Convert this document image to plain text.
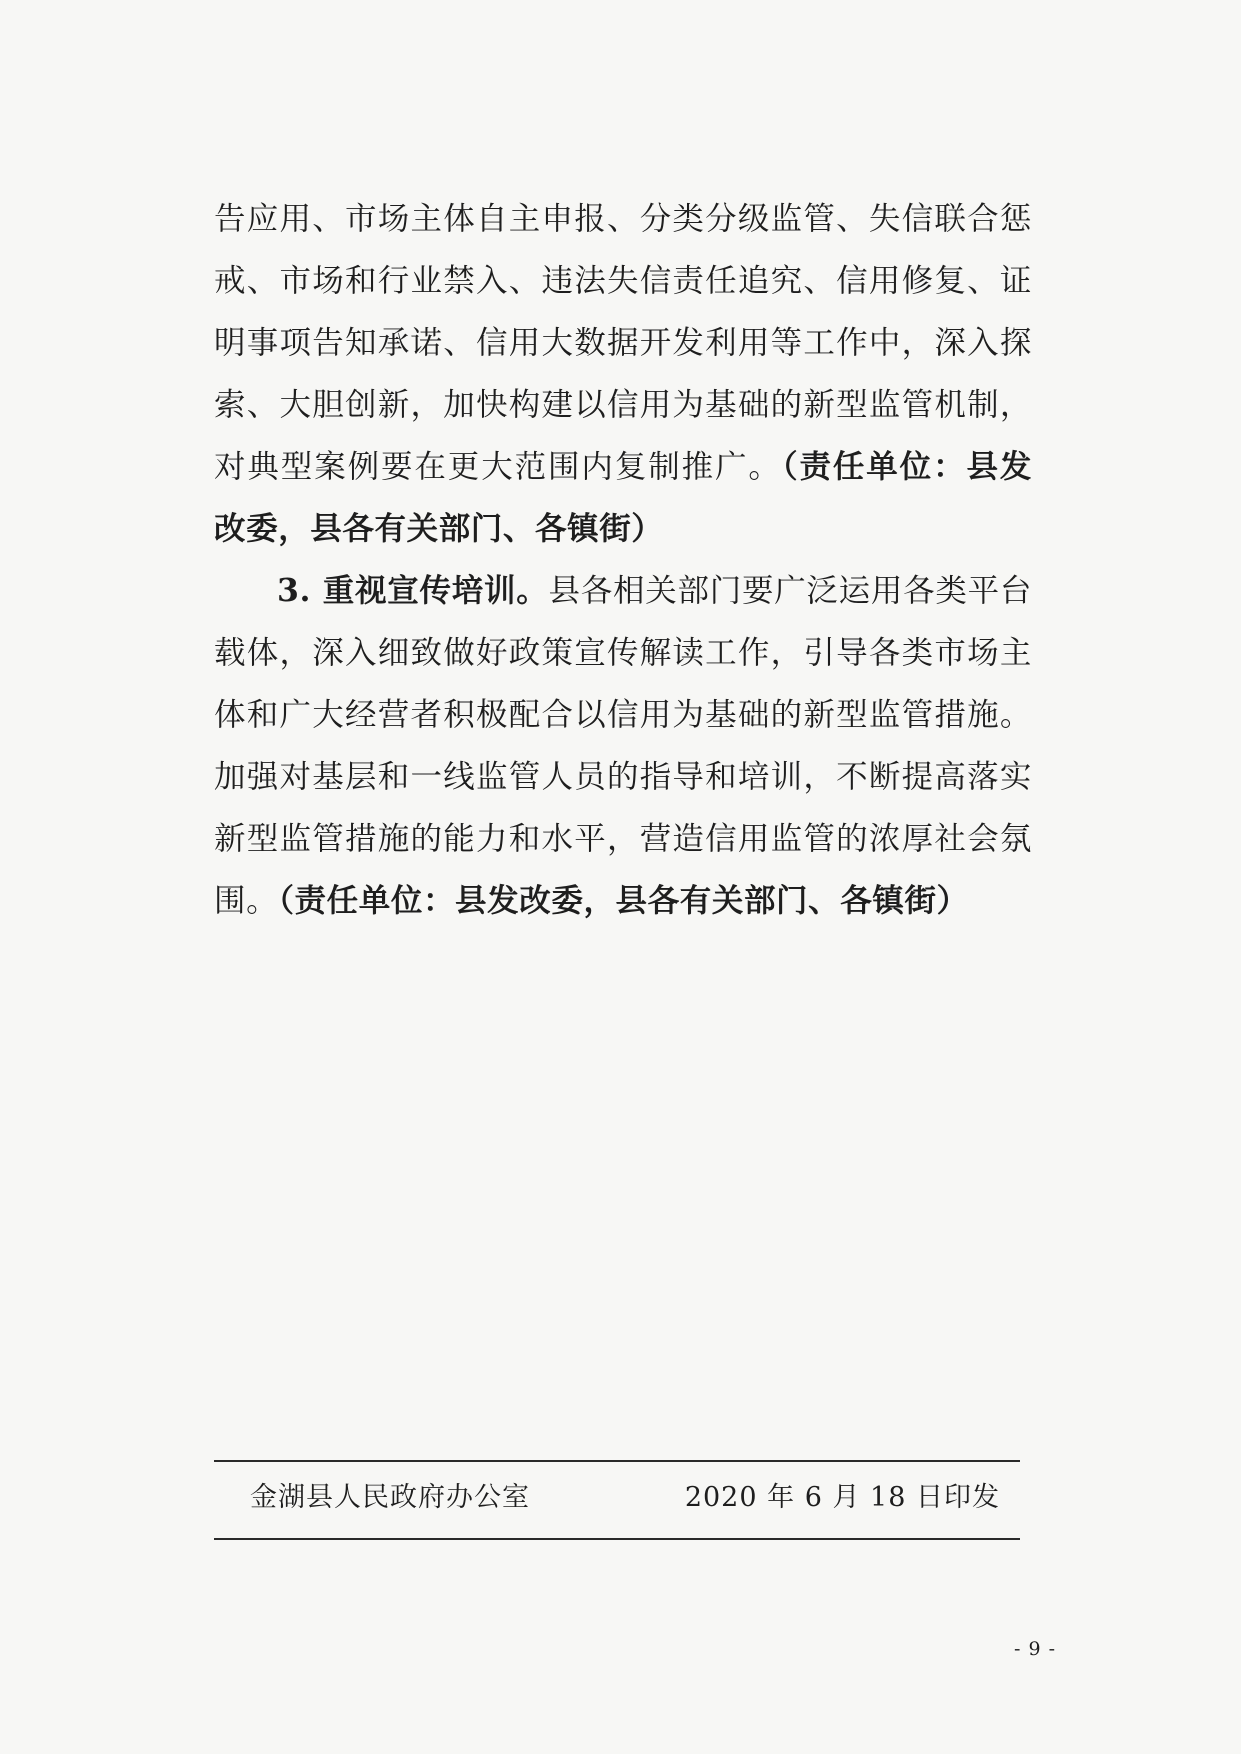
告应用、市场主体自主申报、分类分级监管、失信联合惩戒、市场和行业禁入、违法失信责任追究、信用修复、证明事项告知承诺、信用大数据开发利用等工作中，深入探索、大胆创新，加快构建以信用为基础的新型监管机制，对典型案例要在更大范围内复制推广。（责任单位：县发改委，县各有关部门、各镇街）

3. 重视宣传培训。县各相关部门要广泛运用各类平台载体，深入细致做好政策宣传解读工作，引导各类市场主体和广大经营者积极配合以信用为基础的新型监管措施。加强对基层和一线监管人员的指导和培训，不断提高落实新型监管措施的能力和水平，营造信用监管的浓厚社会氛围。（责任单位：县发改委，县各有关部门、各镇街）

金湖县人民政府办公室	2020 年 6 月 18 日印发
- 9 -
